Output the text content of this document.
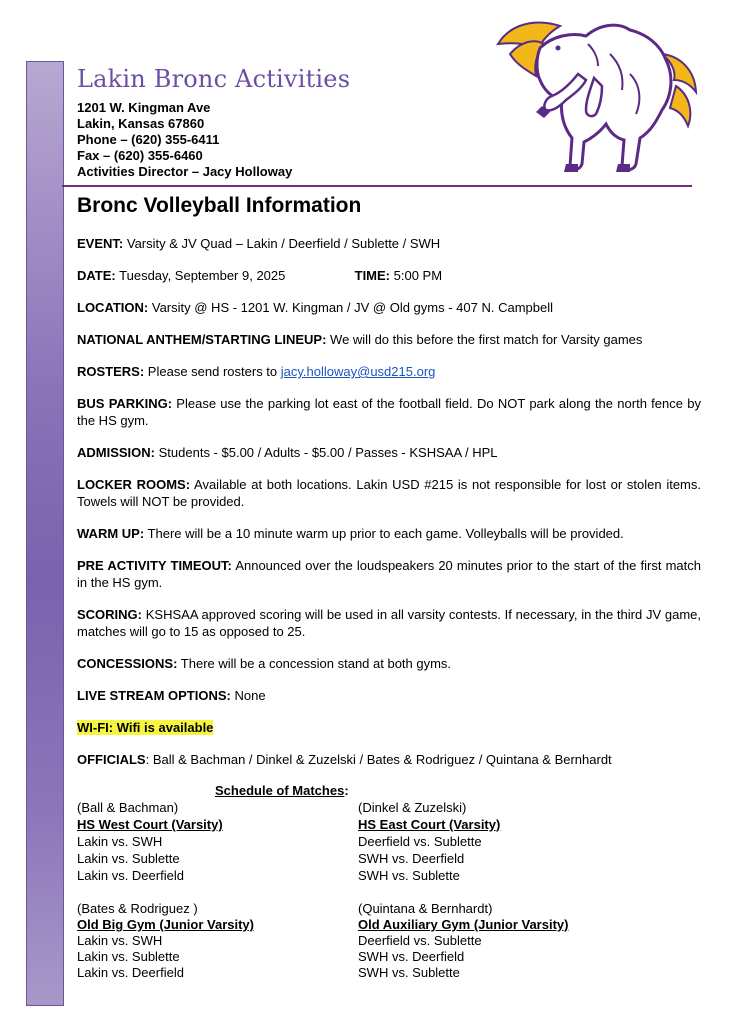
Lakin Bronc Activities
1201 W. Kingman Ave
Lakin, Kansas 67860
Phone – (620) 355-6411
Fax – (620) 355-6460
Activities Director – Jacy Holloway
Bronc Volleyball Information
EVENT: Varsity & JV Quad – Lakin / Deerfield / Sublette / SWH
DATE: Tuesday, September 9, 2025	TIME: 5:00 PM
LOCATION: Varsity @ HS - 1201 W. Kingman / JV @ Old gyms - 407 N. Campbell
NATIONAL ANTHEM/STARTING LINEUP: We will do this before the first match for Varsity games
ROSTERS: Please send rosters to jacy.holloway@usd215.org
BUS PARKING: Please use the parking lot east of the football field. Do NOT park along the north fence by the HS gym.
ADMISSION: Students - $5.00 / Adults - $5.00 / Passes - KSHSAA / HPL
LOCKER ROOMS: Available at both locations. Lakin USD #215 is not responsible for lost or stolen items. Towels will NOT be provided.
WARM UP: There will be a 10 minute warm up prior to each game. Volleyballs will be provided.
PRE ACTIVITY TIMEOUT: Announced over the loudspeakers 20 minutes prior to the start of the first match in the HS gym.
SCORING: KSHSAA approved scoring will be used in all varsity contests. If necessary, in the third JV game, matches will go to 15 as opposed to 25.
CONCESSIONS: There will be a concession stand at both gyms.
LIVE STREAM OPTIONS: None
WI-FI: Wifi is available
OFFICIALS: Ball & Bachman / Dinkel & Zuzelski / Bates & Rodriguez / Quintana & Bernhardt
Schedule of Matches:
(Ball & Bachman)
HS West Court (Varsity)
Lakin vs. SWH
Lakin vs. Sublette
Lakin vs. Deerfield
(Dinkel & Zuzelski)
HS East Court (Varsity)
Deerfield vs. Sublette
SWH vs. Deerfield
SWH vs. Sublette
(Bates & Rodriguez )
Old Big Gym (Junior Varsity)
Lakin vs. SWH
Lakin vs. Sublette
Lakin vs. Deerfield
(Quintana & Bernhardt)
Old Auxiliary Gym (Junior Varsity)
Deerfield vs. Sublette
SWH vs. Deerfield
SWH vs. Sublette
